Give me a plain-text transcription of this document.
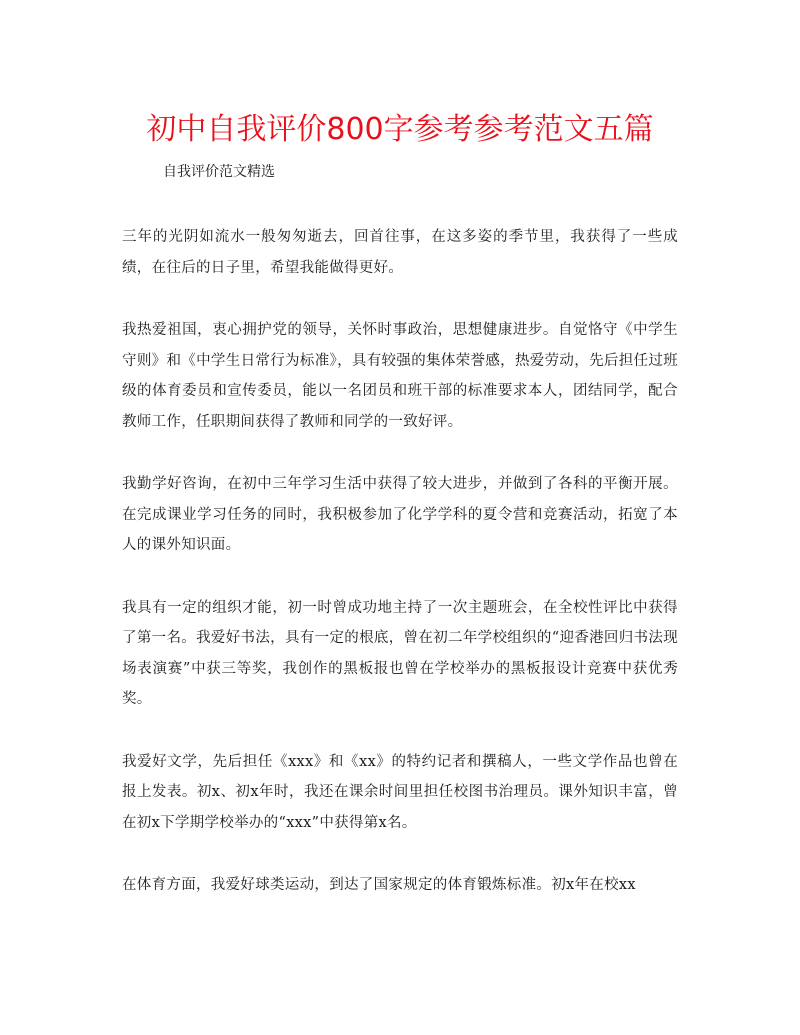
初中自我评价800字参考参考范文五篇
自我评价范文精选

三年的光阴如流水一般匆匆逝去，回首往事，在这多姿的季节里，我获得了一些成绩，在往后的日子里，希望我能做得更好。

我热爱祖国，衷心拥护党的领导，关怀时事政治，思想健康进步。自觉恪守《中学生守则》和《中学生日常行为标准》，具有较强的集体荣誉感，热爱劳动，先后担任过班级的体育委员和宣传委员，能以一名团员和班干部的标准要求本人，团结同学，配合教师工作，任职期间获得了教师和同学的一致好评。

我勤学好咨询，在初中三年学习生活中获得了较大进步，并做到了各科的平衡开展。在完成课业学习任务的同时，我积极参加了化学学科的夏令营和竞赛活动，拓宽了本人的课外知识面。

我具有一定的组织才能，初一时曾成功地主持了一次主题班会，在全校性评比中获得了第一名。我爱好书法，具有一定的根底，曾在初二年学校组织的“迎香港回归书法现场表演赛”中获三等奖，我创作的黑板报也曾在学校举办的黑板报设计竞赛中获优秀奖。

我爱好文学，先后担任《xxx》和《xx》的特约记者和撰稿人，一些文学作品也曾在报上发表。初x、初x年时，我还在课余时间里担任校图书治理员。课外知识丰富，曾在初x下学期学校举办的“xxx”中获得第x名。

在体育方面，我爱好球类运动，到达了国家规定的体育锻炼标准。初x年在校xx
